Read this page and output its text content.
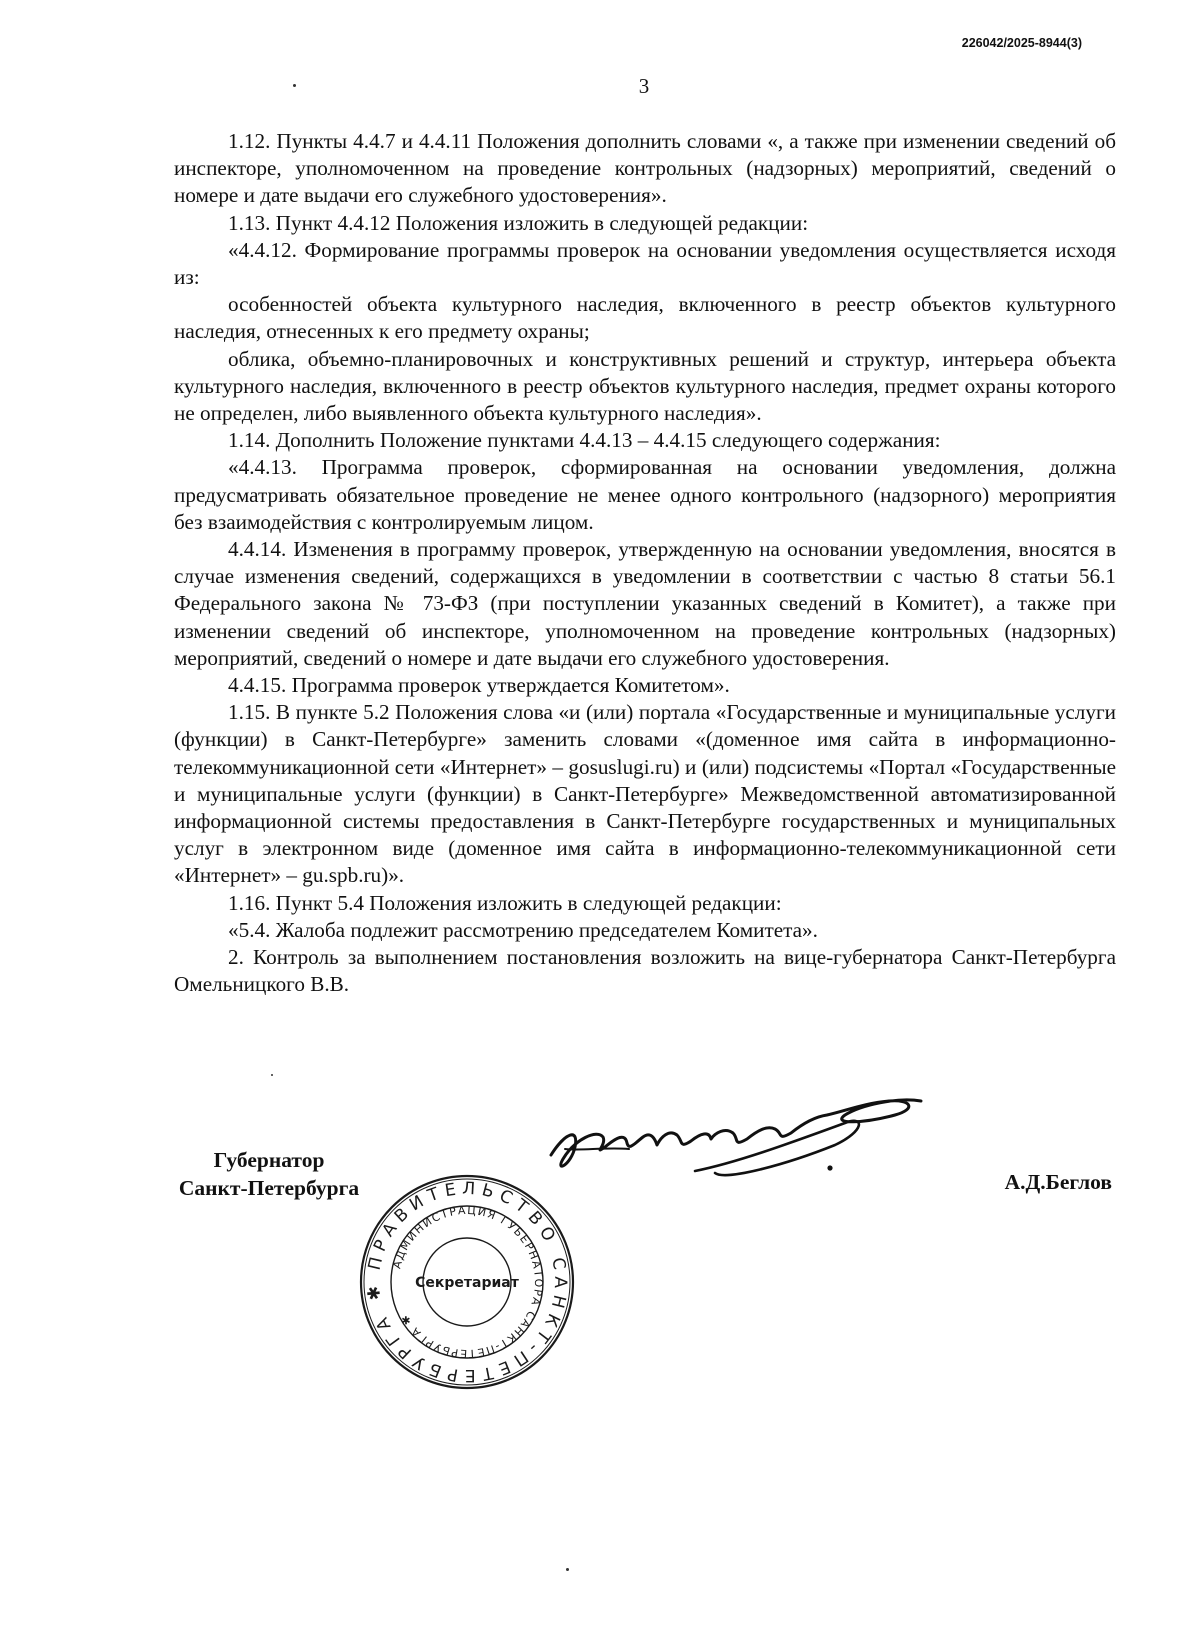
226042/2025-8944(3)
3

1.12. Пункты 4.4.7 и 4.4.11 Положения дополнить словами «, а также при изменении сведений об инспекторе, уполномоченном на проведение контрольных (надзорных) мероприятий, сведений о номере и дате выдачи его служебного удостоверения».

1.13. Пункт 4.4.12 Положения изложить в следующей редакции:

«4.4.12. Формирование программы проверок на основании уведомления осуществляется исходя из:

особенностей объекта культурного наследия, включенного в реестр объектов культурного наследия, отнесенных к его предмету охраны;

облика, объемно-планировочных и конструктивных решений и структур, интерьера объекта культурного наследия, включенного в реестр объектов культурного наследия, предмет охраны которого не определен, либо выявленного объекта культурного наследия».

1.14. Дополнить Положение пунктами 4.4.13 – 4.4.15 следующего содержания:

«4.4.13. Программа проверок, сформированная на основании уведомления, должна предусматривать обязательное проведение не менее одного контрольного (надзорного) мероприятия без взаимодействия с контролируемым лицом.

4.4.14. Изменения в программу проверок, утвержденную на основании уведомления, вносятся в случае изменения сведений, содержащихся в уведомлении в соответствии с частью 8 статьи 56.1 Федерального закона № 73-ФЗ (при поступлении указанных сведений в Комитет), а также при изменении сведений об инспекторе, уполномоченном на проведение контрольных (надзорных) мероприятий, сведений о номере и дате выдачи его служебного удостоверения.

4.4.15. Программа проверок утверждается Комитетом».

1.15. В пункте 5.2 Положения слова «и (или) портала «Государственные и муниципальные услуги (функции) в Санкт-Петербурге» заменить словами «(доменное имя сайта в информационно-телекоммуникационной сети «Интернет» – gosuslugi.ru) и (или) подсистемы «Портал «Государственные и муниципальные услуги (функции) в Санкт-Петербурге» Межведомственной автоматизированной информационной системы предоставления в Санкт-Петербурге государственных и муниципальных услуг в электронном виде (доменное имя сайта в информационно-телекоммуникационной сети «Интернет» – gu.spb.ru)».

1.16. Пункт 5.4 Положения изложить в следующей редакции:

«5.4. Жалоба подлежит рассмотрению председателем Комитета».

2. Контроль за выполнением постановления возложить на вице-губернатора Санкт-Петербурга Омельницкого В.В.

Губернатор
Санкт-Петербурга	А.Д.Беглов
ПРАВИТЕЛЬСТВО САНКТ-ПЕТЕРБУРГА ✱
АДМИНИСТРАЦИЯ ГУБЕРНАТОРА САНКТ-ПЕТЕРБУРГА ✱
Секретариат
